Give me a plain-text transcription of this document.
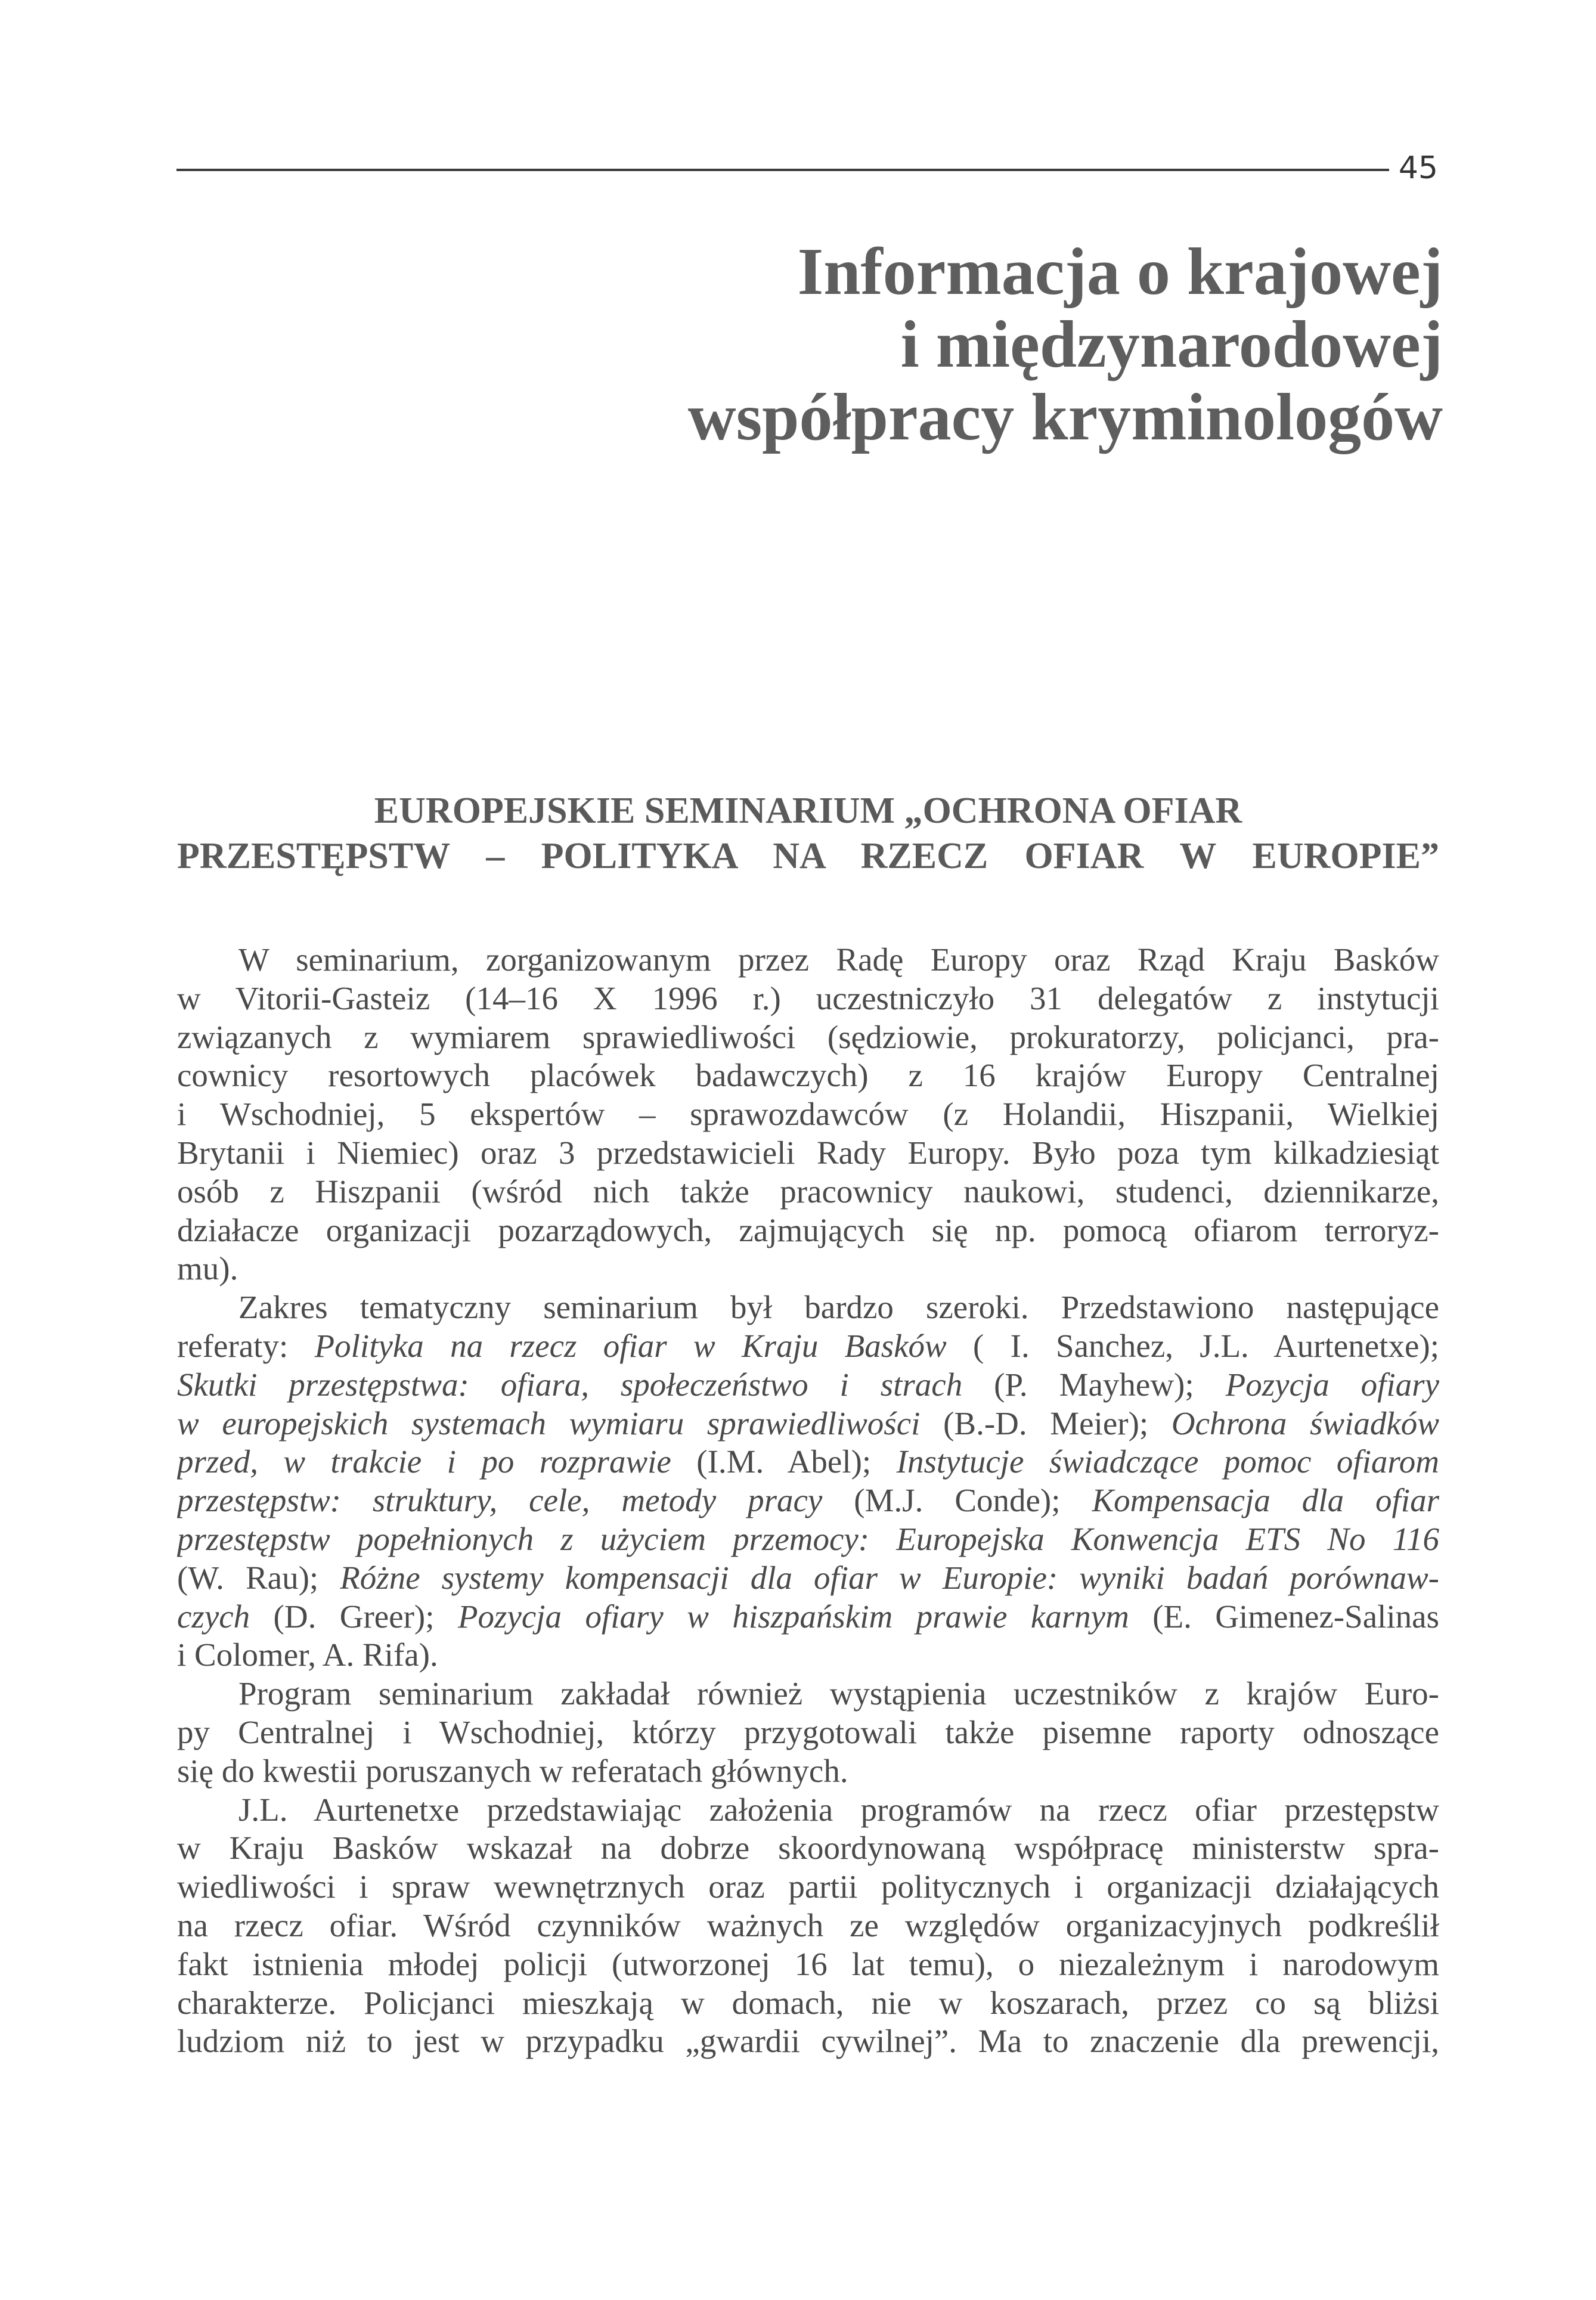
45
Informacja o krajowej
i międzynarodowej
współpracy kryminologów
EUROPEJSKIE SEMINARIUM „OCHRONA OFIAR
PRZESTĘPSTW – POLITYKA NA RZECZ OFIAR W EUROPIE”
W seminarium, zorganizowanym przez Radę Europy oraz Rząd Kraju Basków
w Vitorii-Gasteiz (14–16 X 1996 r.) uczestniczyło 31 delegatów z instytucji
związanych z wymiarem sprawiedliwości (sędziowie, prokuratorzy, policjanci, pra-
cownicy resortowych placówek badawczych) z 16 krajów Europy Centralnej
i Wschodniej, 5 ekspertów – sprawozdawców (z Holandii, Hiszpanii, Wielkiej
Brytanii i Niemiec) oraz 3 przedstawicieli Rady Europy. Było poza tym kilkadziesiąt
osób z Hiszpanii (wśród nich także pracownicy naukowi, studenci, dziennikarze,
działacze organizacji pozarządowych, zajmujących się np. pomocą ofiarom terroryz-
mu).
Zakres tematyczny seminarium był bardzo szeroki. Przedstawiono następujące
referaty: Polityka na rzecz ofiar w Kraju Basków ( I. Sanchez, J.L. Aurtenetxe);
Skutki przestępstwa: ofiara, społeczeństwo i strach (P. Mayhew); Pozycja ofiary
w europejskich systemach wymiaru sprawiedliwości (B.-D. Meier); Ochrona świadków
przed, w trakcie i po rozprawie (I.M. Abel); Instytucje świadczące pomoc ofiarom
przestępstw: struktury, cele, metody pracy (M.J. Conde); Kompensacja dla ofiar
przestępstw popełnionych z użyciem przemocy: Europejska Konwencja ETS No 116
(W. Rau); Różne systemy kompensacji dla ofiar w Europie: wyniki badań porównaw-
czych (D. Greer); Pozycja ofiary w hiszpańskim prawie karnym (E. Gimenez-Salinas
i Colomer, A. Rifa).
Program seminarium zakładał również wystąpienia uczestników z krajów Euro-
py Centralnej i Wschodniej, którzy przygotowali także pisemne raporty odnoszące
się do kwestii poruszanych w referatach głównych.
J.L. Aurtenetxe przedstawiając założenia programów na rzecz ofiar przestępstw
w Kraju Basków wskazał na dobrze skoordynowaną współpracę ministerstw spra-
wiedliwości i spraw wewnętrznych oraz partii politycznych i organizacji działających
na rzecz ofiar. Wśród czynników ważnych ze względów organizacyjnych podkreślił
fakt istnienia młodej policji (utworzonej 16 lat temu), o niezależnym i narodowym
charakterze. Policjanci mieszkają w domach, nie w koszarach, przez co są bliżsi
ludziom niż to jest w przypadku „gwardii cywilnej”. Ma to znaczenie dla prewencji,
